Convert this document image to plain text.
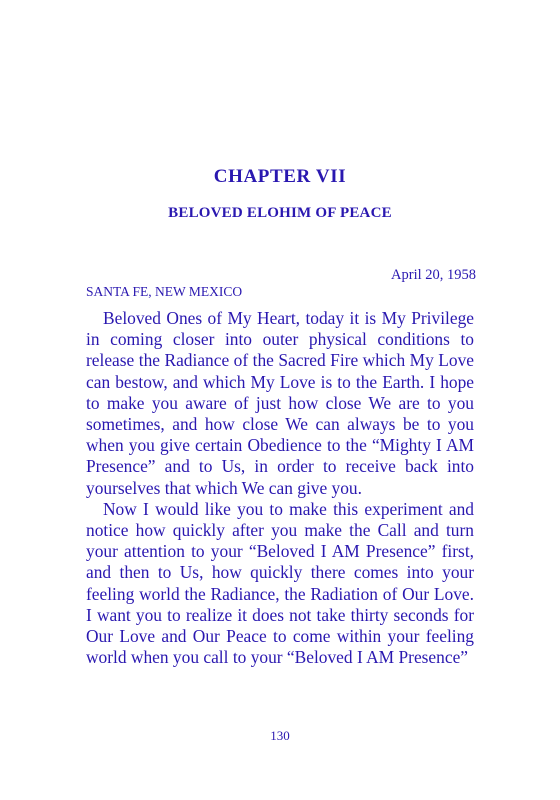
CHAPTER VII
BELOVED ELOHIM OF PEACE

April 20, 1958

SANTA FE, NEW MEXICO

Beloved Ones of My Heart, today it is My Privilege in coming closer into outer physical conditions to release the Radiance of the Sacred Fire which My Love can bestow, and which My Love is to the Earth. I hope to make you aware of just how close We are to you sometimes, and how close We can always be to you when you give certain Obedience to the “Mighty I AM Presence” and to Us, in order to receive back into yourselves that which We can give you.

Now I would like you to make this experiment and notice how quickly after you make the Call and turn your attention to your “Beloved I AM Presence” first, and then to Us, how quickly there comes into your feeling world the Radiance, the Radiation of Our Love. I want you to realize it does not take thirty seconds for Our Love and Our Peace to come within your feeling world when you call to your “Beloved I AM Presence”

130
